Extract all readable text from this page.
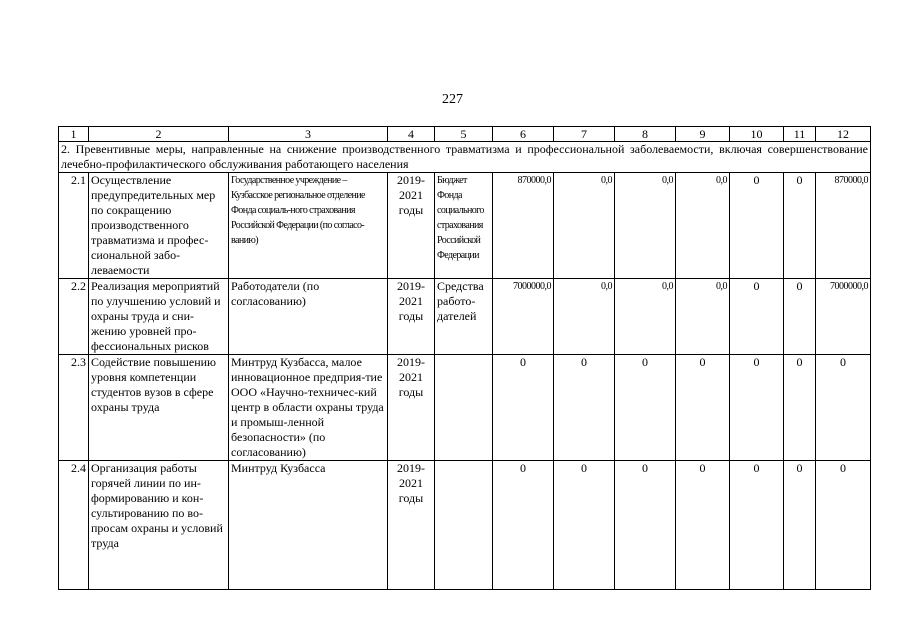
227
1	2	3	4	5	6	7	8	9	10	11	12
2. Превентивные меры, направленные на снижение производственного травматизма и профессиональной заболеваемости, включая совершенствование лечебно-профилактического обслуживания работающего населения											
2.1	Осуществление предупредительных мер по сокращению производственного травматизма и профес-сиональной забо-леваемости	Государственное учреждение – Кузбасское региональное отделение Фонда социаль-ного страхования Российской Федерации (по согласо-ванию)	2019-2021 годы	Бюджет Фонда социального страхования Российской Федерации	870000,0	0,0	0,0	0,0	0	0	870000,0
2.2	Реализация мероприятий по улучшению условий и охраны труда и сни-жению уровней про-фессиональных рисков	Работодатели (по согласованию)	2019-2021 годы	Средства работо-дателей	7000000,0	0,0	0,0	0,0	0	0	7000000,0
2.3	Содействие повышению уровня компетенции студентов вузов в сфере охраны труда	Минтруд Кузбасса, малое инновационное предприя-тие ООО «Научно-техничес-кий центр в области охраны труда и промыш-ленной безопасности» (по согласованию)	2019-2021 годы		0	0	0	0	0	0	0
2.4	Организация работы горячей линии по ин-формированию и кон-сультированию по во-просам охраны и условий труда	Минтруд Кузбасса	2019-2021 годы		0	0	0	0	0	0	0
